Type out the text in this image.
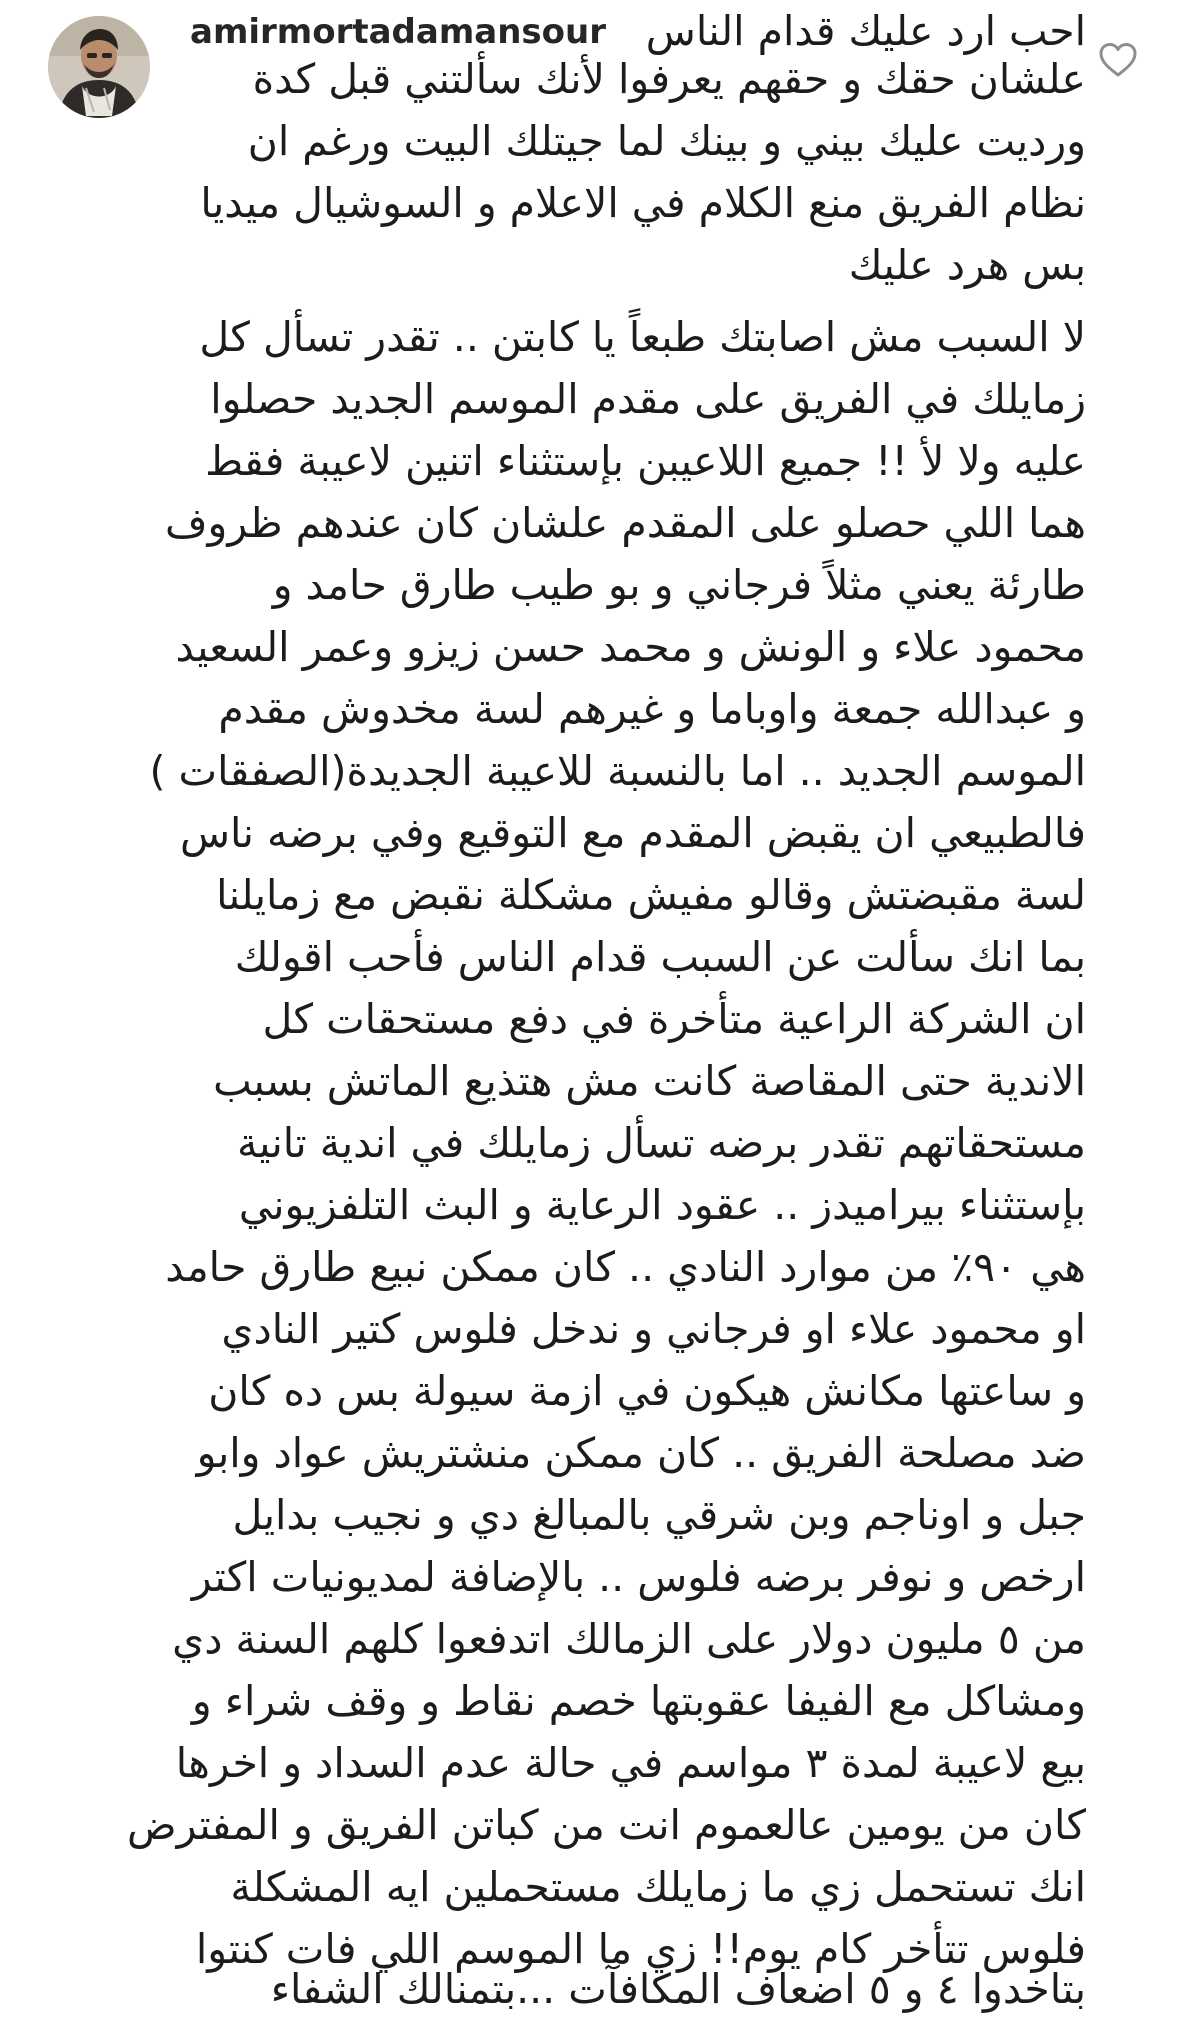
amirmortadamansour احب ارد عليك قدام الناس
علشان حقك و حقهم يعرفوا لأنك سألتني قبل كدة
ورديت عليك بيني و بينك لما جيتلك البيت ورغم ان
نظام الفريق منع الكلام في الاعلام و السوشيال ميديا
بس هرد عليك
لا السبب مش اصابتك طبعاً يا كابتن .. تقدر تسأل كل
زمايلك في الفريق على مقدم الموسم الجديد حصلوا
عليه ولا لأ !! جميع اللاعيبن بإستثناء اتنين لاعيبة فقط
هما اللي حصلو على المقدم علشان كان عندهم ظروف
طارئة يعني مثلاً فرجاني و بو طيب طارق حامد و
محمود علاء و الونش و محمد حسن زيزو وعمر السعيد
و عبدالله جمعة واوباما و غيرهم لسة مخدوش مقدم
الموسم الجديد .. اما بالنسبة للاعيبة الجديدة(الصفقات )
فالطبيعي ان يقبض المقدم مع التوقيع وفي برضه ناس
لسة مقبضتش وقالو مفيش مشكلة نقبض مع زمايلنا
بما انك سألت عن السبب قدام الناس فأحب اقولك
ان الشركة الراعية متأخرة في دفع مستحقات كل
الاندية حتى المقاصة كانت مش هتذيع الماتش بسبب
مستحقاتهم تقدر برضه تسأل زمايلك في اندية تانية
بإستثناء بيراميدز .. عقود الرعاية و البث التلفزيوني
هي ٩٠٪ من موارد النادي .. كان ممكن نبيع طارق حامد
او محمود علاء او فرجاني و ندخل فلوس كتير النادي
و ساعتها مكانش هيكون في ازمة سيولة بس ده كان
ضد مصلحة الفريق .. كان ممكن منشتريش عواد وابو
جبل و اوناجم وبن شرقي بالمبالغ دي و نجيب بدايل
ارخص و نوفر برضه فلوس .. بالإضافة لمديونيات اكتر
من ٥ مليون دولار على الزمالك اتدفعوا كلهم السنة دي
ومشاكل مع الفيفا عقوبتها خصم نقاط و وقف شراء و
بيع لاعيبة لمدة ٣ مواسم في حالة عدم السداد و اخرها
كان من يومين عالعموم انت من كباتن الفريق و المفترض
انك تستحمل زي ما زمايلك مستحملين ايه المشكلة
فلوس تتأخر كام يوم!! زي ما الموسم اللي فات كنتوا
بتاخدوا ٤ و ٥ اضعاف المكافآت ...بتمنالك الشفاء
